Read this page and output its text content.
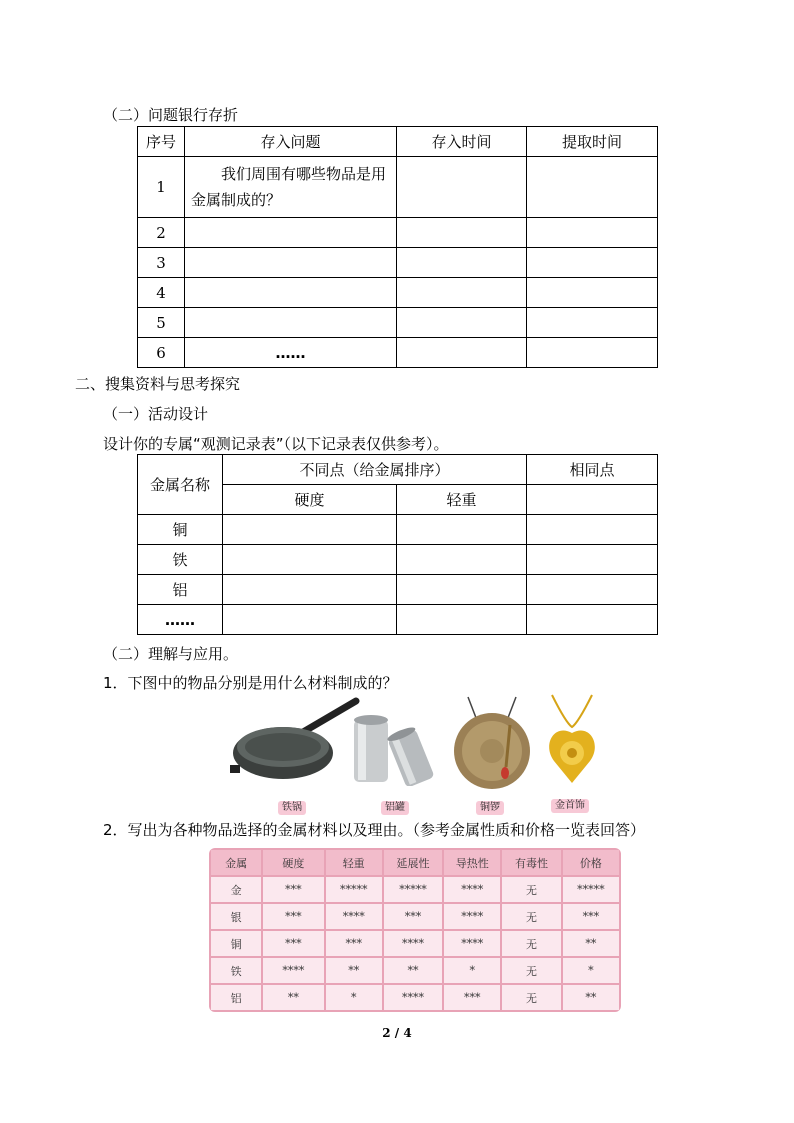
（二）问题银行存折
序号	存入问题	存入时间	提取时间
1	我们周围有哪些物品是用金属制成的？		
2			
3			
4			
5			
6	……		
二、搜集资料与思考探究
（一）活动设计
设计你的专属“观测记录表”（以下记录表仅供参考）。
金属名称	不同点（给金属排序）		相同点
	硬度	轻重	
铜			
铁			
铝			
……			
（二）理解与应用。
1．下图中的物品分别是用什么材料制成的？
铁锅	铝罐	铜锣	金首饰
2．写出为各种物品选择的金属材料以及理由。（参考金属性质和价格一览表回答）
金属	硬度	轻重	延展性	导热性	有毒性	价格
金	***	*****	*****	****	无	*****
银	***	****	***	****	无	***
铜	***	***	****	****	无	**
铁	****	**	**	*	无	*
铝	**	*	****	***	无	**
2 / 4
